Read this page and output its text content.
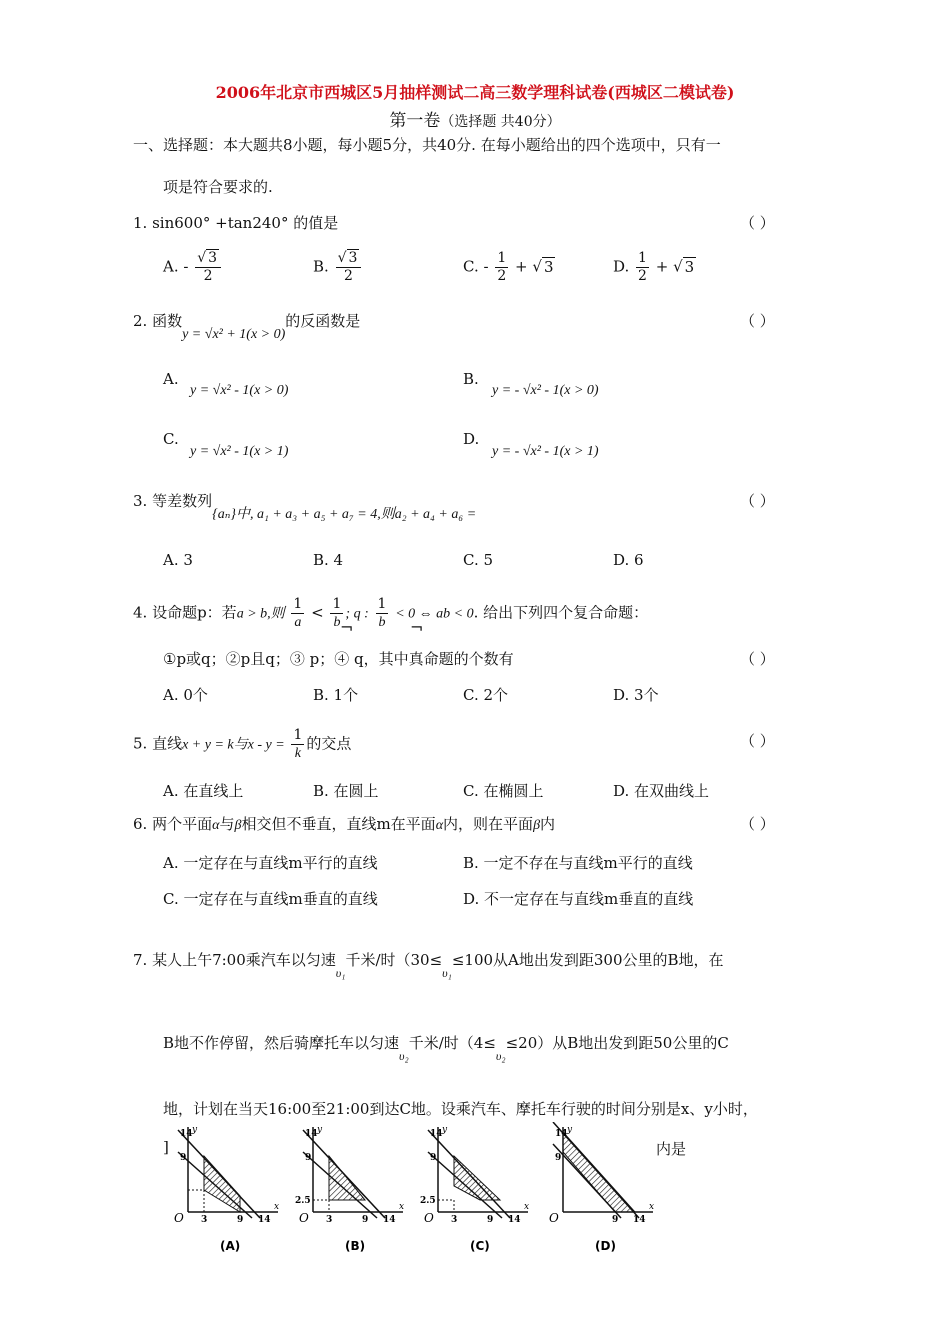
2006年北京市西城区5月抽样测试二高三数学理科试卷(西城区二模试卷)
第一卷（选择题 共40分）
一、选择题：本大题共8小题，每小题5分，共40分. 在每小题给出的四个选项中，只有一
项是符合要求的.
1. sin600° +tan240° 的值是	（ ）
A. - $\frac{√ 3}{2}$	B. $\frac{√ 3}{2}$	C. - $\frac{1}{2}$ + √ 3	D. $\frac{1}{2}$ + √ 3
2. 函数y = √x² + 1(x > 0)的反函数是	（ ）
A.
y = √x² - 1(x > 0)
B.
y = - √x² - 1(x > 0)
C.
y = √x² - 1(x > 1)
D.
y = - √x² - 1(x > 1)
3. 等差数列{aₙ}中, a₁ + a₃ + a₅ + a₇ = 4,则a₂ + a₄ + a₆ =
（ ）
A. 3	B. 4	C. 5	D. 6
4. 设命题p：若a > b,则 $\frac{1}{a} < \frac{1}{b}$ ; q : $\frac{1}{b} < 0$ ⇔ ab < 0. 给出下列四个复合命题：
¬	¬
①p或q；②p且q；③ p；④ q，其中真命题的个数有	（ ）
A. 0个	B. 1个	C. 2个	D. 3个
5. 直线x + y = k与$x - y = \frac{1}{k}$ 的交点	（ ）
A. 在直线上	B. 在圆上	C. 在椭圆上	D. 在双曲线上
6. 两个平面α与β相交但不垂直，直线m在平面α内，则在平面β内	（ ）
A. 一定存在与直线m平行的直线	B. 一定不存在与直线m平行的直线
C. 一定存在与直线m垂直的直线	D. 不一定存在与直线m垂直的直线
7. 某人上午7:00乘汽车以匀速$_{\upsilon_1}$千米/时（$30\le_{\upsilon_1}\le 100$从A地出发到距300公里的B地，在
B地不作停留，然后骑摩托车以匀速$_{\upsilon_2}$千米/时$(4\le_{\upsilon_2}\le 20)$从B地出发到距50公里的C
地，计划在当天16:00至21:00到达C地。设乘汽车、摩托车行驶的时间分别是x、y小时，
]	内是
14
9
3	9 14
y
x
O
(A)
14
9
2.5
3	9 14
y
x
O
(B)
14
9
2.5
3	9 14
y
x
O
(C)
14
9
9 14
y
x
O
(D)
